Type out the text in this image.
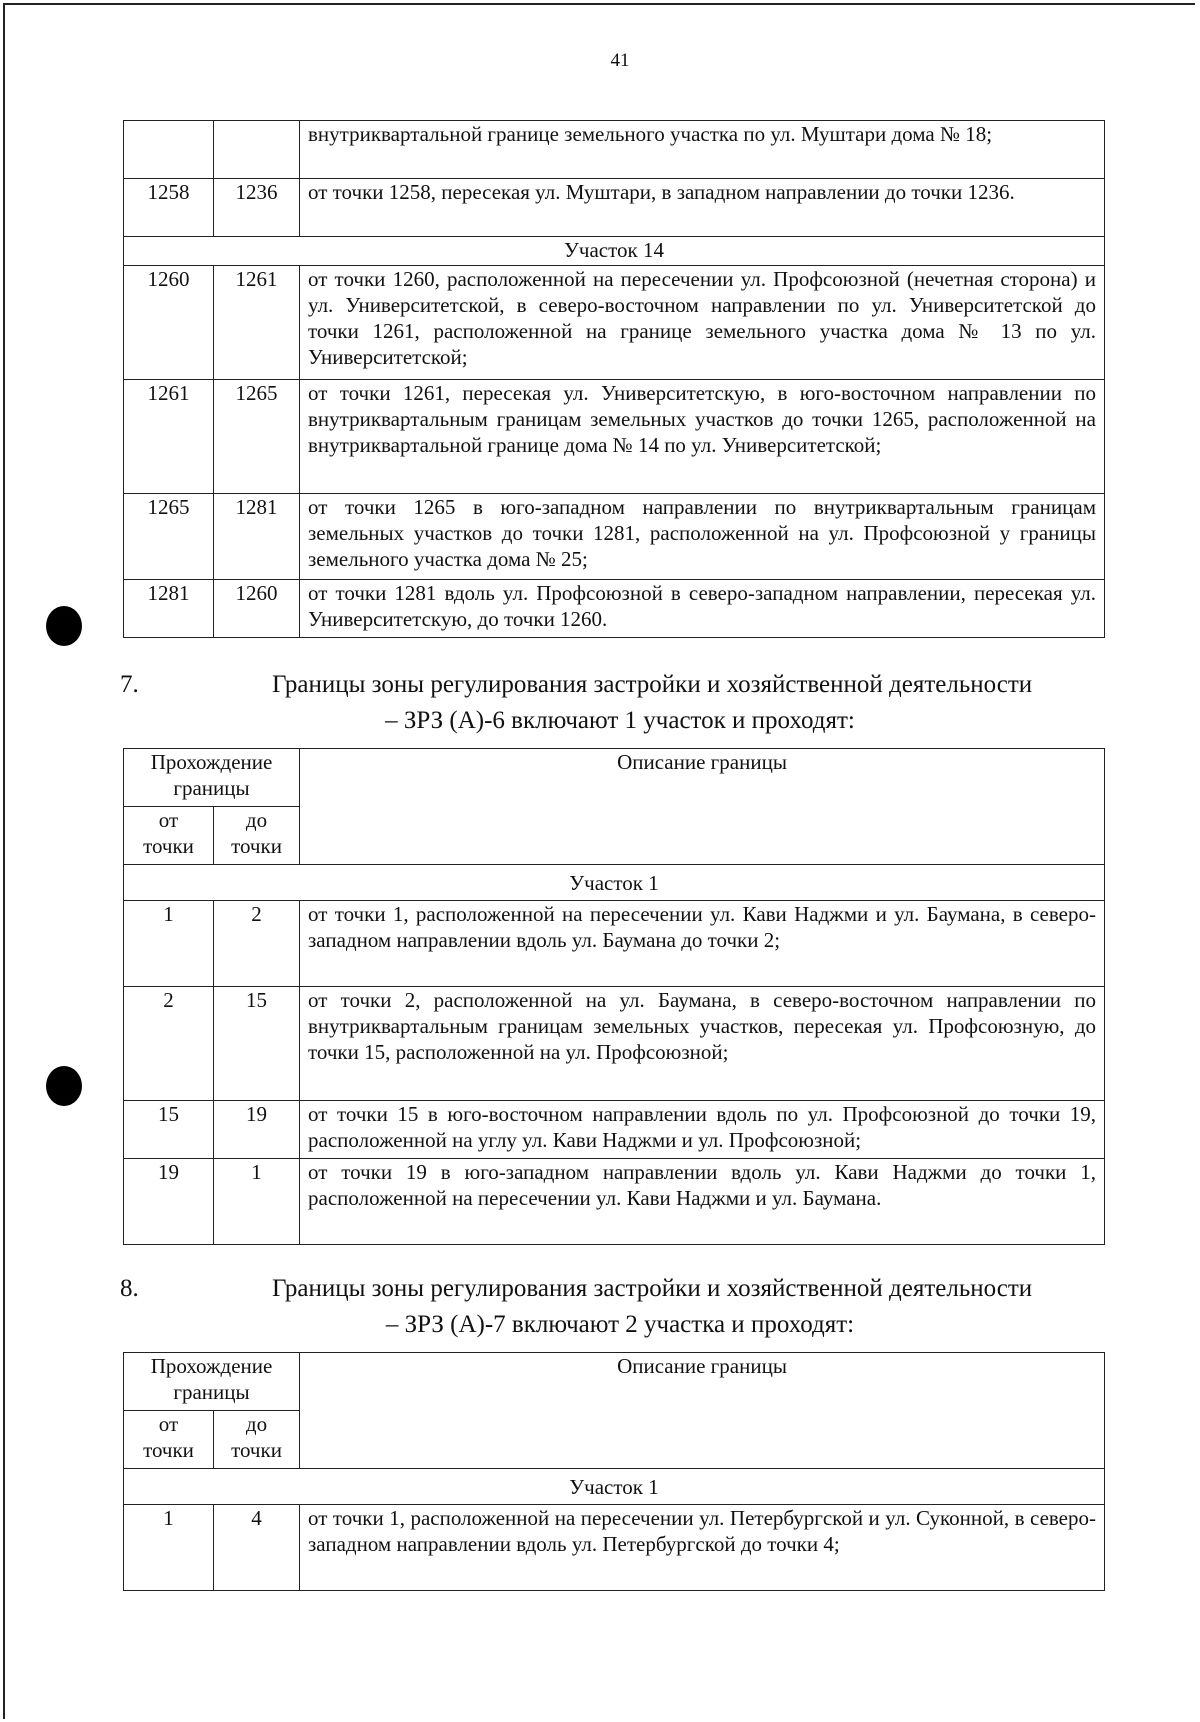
41
		внутриквартальной границе земельного участка по ул. Муштари дома № 18;
1258	1236	от точки 1258, пересекая ул. Муштари, в западном направлении до точки 1236.
Участок 14		
1260	1261	от точки 1260, расположенной на пересечении ул. Профсоюзной (нечетная сторона) и ул. Университетской, в северо-восточном направлении по ул. Университетской до точки 1261, расположенной на границе земельного участка дома № 13 по ул. Университетской;
1261	1265	от точки 1261, пересекая ул. Университетскую, в юго-восточном направлении по внутриквартальным границам земельных участков до точки 1265, расположенной на внутриквартальной границе дома № 14 по ул. Университетской;
1265	1281	от точки 1265 в юго-западном направлении по внутриквартальным границам земельных участков до точки 1281, расположенной на ул. Профсоюзной у границы земельного участка дома № 25;
1281	1260	от точки 1281 вдоль ул. Профсоюзной в северо-западном направлении, пересекая ул. Университетскую, до точки 1260.
7.	Границы зоны регулирования застройки и хозяйственной деятельности
– ЗРЗ (А)-6 включают 1 участок и проходят:
Прохождение границы		Описание границы
от точки	до точки	
Участок 1		
1	2	от точки 1, расположенной на пересечении ул. Кави Наджми и ул. Баумана, в северо-западном направлении вдоль ул. Баумана до точки 2;
2	15	от точки 2, расположенной на ул. Баумана, в северо-восточном направлении по внутриквартальным границам земельных участков, пересекая ул. Профсоюзную, до точки 15, расположенной на ул. Профсоюзной;
15	19	от точки 15 в юго-восточном направлении вдоль по ул. Профсоюзной до точки 19, расположенной на углу ул. Кави Наджми и ул. Профсоюзной;
19	1	от точки 19 в юго-западном направлении вдоль ул. Кави Наджми до точки 1, расположенной на пересечении ул. Кави Наджми и ул. Баумана.
8.	Границы зоны регулирования застройки и хозяйственной деятельности
– ЗРЗ (А)-7 включают 2 участка и проходят:
Прохождение границы		Описание границы
от точки	до точки	
Участок 1		
1	4	от точки 1, расположенной на пересечении ул. Петербургской и ул. Суконной, в северо-западном направлении вдоль ул. Петербургской до точки 4;
